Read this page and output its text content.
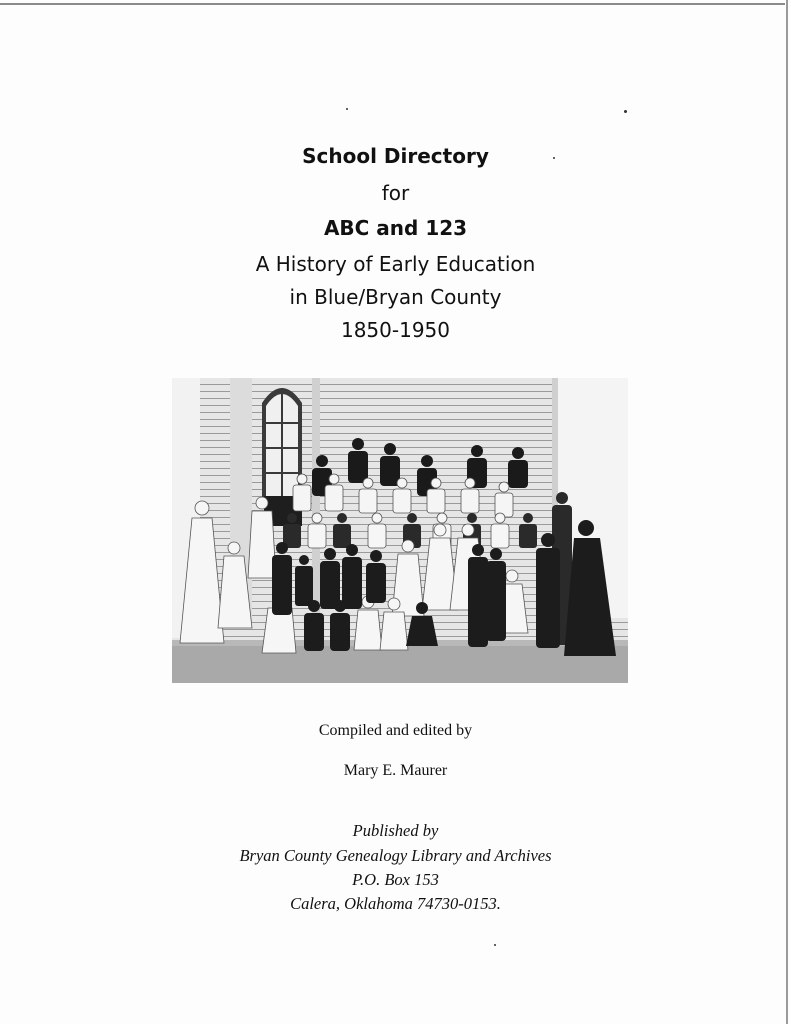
School Directory
for
ABC and 123
A History of Early Education
in Blue/Bryan County
1850-1950
Compiled and edited by
Mary E. Maurer
Published by
Bryan County Genealogy Library and Archives
P.O. Box 153
Calera, Oklahoma 74730-0153.
